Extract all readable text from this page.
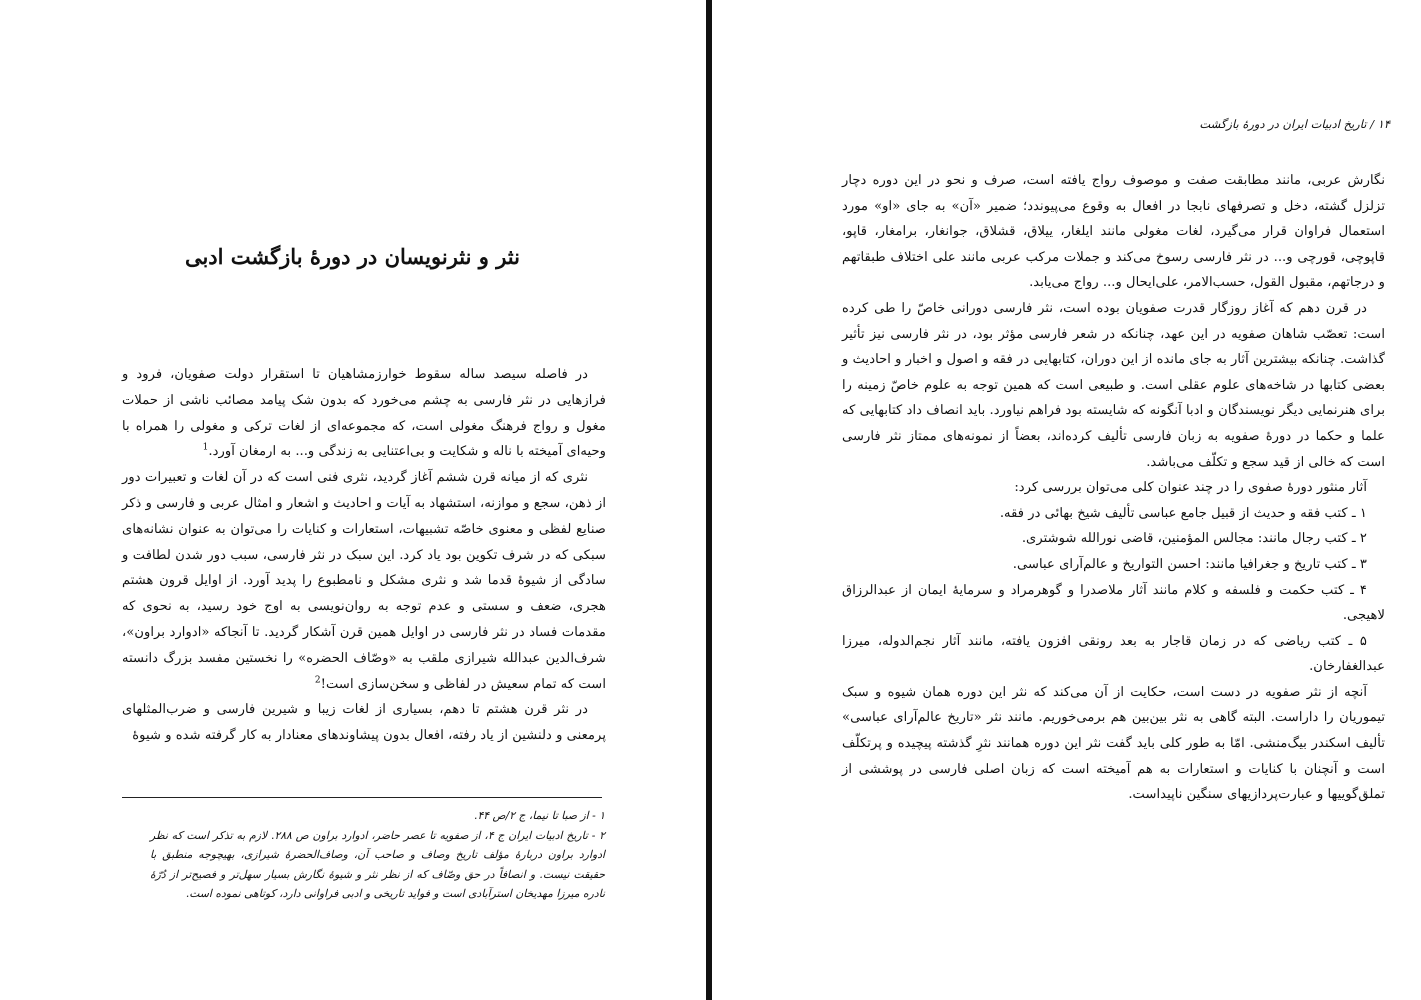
نثر و نثرنویسان در دورهٔ بازگشت ادبی

در فاصله سیصد ساله سقوط خوارزمشاهیان تا استقرار دولت صفویان، فرود و فرازهایی در نثر فارسی به چشم می‌خورد که بدون شک پیامد مصائب ناشی از حملات مغول و رواج فرهنگ مغولی است، که مجموعه‌ای از لغات ترکی و مغولی را همراه با وحیه‌ای آمیخته با ناله و شکایت و بی‌اعتنایی به زندگی و... به ارمغان آورد.$^1$

نثری که از میانه قرن ششم آغاز گردید، نثری فنی است که در آن لغات و تعبیرات دور از ذهن، سجع و موازنه، استشهاد به آیات و احادیث و اشعار و امثال عربی و فارسی و ذکر صنایع لفظی و معنوی خاصّه تشبیهات، استعارات و کنایات را می‌توان به عنوان نشانه‌های سبکی که در شرف تکوین بود یاد کرد. این سبک در نثر فارسی، سبب دور شدن لطافت و سادگی از شیوهٔ قدما شد و نثری مشکل و نامطبوع را پدید آورد. از اوایل قرون هشتم هجری، ضعف و سستی و عدم توجه به روان‌نویسی به اوج خود رسید، به نحوی که مقدمات فساد در نثر فارسی در اوایل همین قرن آشکار گردید. تا آنجاکه «ادوارد براون»، شرف‌الدین عبدالله شیرازی ملقب به «وصّاف الحضره» را نخستین مفسد بزرگ دانسته است که تمام سعیش در لفاظی و سخن‌سازی است!$^2$

در نثر قرن هشتم تا دهم، بسیاری از لغات زیبا و شیرین فارسی و ضرب‌المثلهای پرمعنی و دلنشین از یاد رفته، افعال بدون پیشاوندهای معنادار به کار گرفته شده و شیوهٔ

۱ - از صبا تا نیما، ج ۲/ص ۴۴.

۲ - تاریخ ادبیات ایران ج ۴، از صفویه تا عصر حاضر، ادوارد براون ص ۲۸۸. لازم به تذکر است که نظر ادوارد براون دربارهٔ مؤلف تاریخ وصاف و صاحب آن، وصاف‌الحضرهٔ شیرازی، بهیچوجه منطبق با حقیقت نیست. و انصافاً در حق وصّاف که از نظر نثر و شیوهٔ نگارش بسیار سهل‌تر و فصیح‌تر از دُرّهٔ نادره میرزا مهدیخان استرآبادی است و فواید تاریخی و ادبی فراوانی دارد، کوتاهی نموده است.

۱۴ / تاریخ ادبیات ایران در دورهٔ بازگشت

نگارش عربی، مانند مطابقت صفت و موصوف رواج یافته است، صرف و نحو در این دوره دچار تزلزل گشته، دخل و تصرفهای نابجا در افعال به وقوع می‌پیوندد؛ ضمیر «آن» به جای «او» مورد استعمال فراوان قرار می‌گیرد، لغات مغولی مانند ایلغار، ییلاق، قشلاق، جوانغار، برامغار، قاپو، قاپوچی، قورچی و... در نثر فارسی رسوخ می‌کند و جملات مرکب عربی مانند علی اختلاف طبقاتهم و درجاتهم، مقبول القول، حسب‌الامر، علی‌ایحال و... رواج می‌یابد.

در قرن دهم که آغاز روزگار قدرت صفویان بوده است، نثر فارسی دورانی خاصّ را طی کرده است: تعصّب شاهان صفویه در این عهد، چنانکه در شعر فارسی مؤثر بود، در نثر فارسی نیز تأثیر گذاشت. چنانکه بیشترین آثار به جای مانده از این دوران، کتابهایی در فقه و اصول و اخبار و احادیث و بعضی کتابها در شاخه‌های علوم عقلی است. و طبیعی است که همین توجه به علوم خاصّ زمینه را برای هنرنمایی دیگر نویسندگان و ادبا آنگونه که شایسته بود فراهم نیاورد. باید انصاف داد کتابهایی که علما و حکما در دورهٔ صفویه به زبان فارسی تألیف کرده‌اند، بعضاً از نمونه‌های ممتاز نثر فارسی است که خالی از قید سجع و تکلّف می‌باشد.

آثار منثور دورهٔ صفوی را در چند عنوان کلی می‌توان بررسی کرد:

۱ ـ کتب فقه و حدیث از قبیل جامع عباسی تألیف شیخ بهائی در فقه.

۲ ـ کتب رجال مانند: مجالس المؤمنین، قاضی نورالله شوشتری.

۳ ـ کتب تاریخ و جغرافیا مانند: احسن التواریخ و عالم‌آرای عباسی.

۴ ـ کتب حکمت و فلسفه و کلام مانند آثار ملاصدرا و گوهرمراد و سرمایهٔ ایمان از عبدالرزاق لاهیجی.

۵ ـ کتب ریاضی که در زمان قاجار به بعد رونقی افزون یافته، مانند آثار نجم‌الدوله، میرزا عبدالغفارخان.

آنچه از نثر صفویه در دست است، حکایت از آن می‌کند که نثر این دوره همان شیوه و سبک تیموریان را داراست. البته گاهی به نثر بین‌بین هم برمی‌خوریم. مانند نثر «تاریخ عالم‌آرای عباسی» تألیف اسکندر بیگ‌منشی. امّا به طور کلی باید گفت نثر این دوره همانند نثرِ گذشته پیچیده و پرتکلّف است و آنچنان با کنایات و استعارات به هم آمیخته است که زبان اصلی فارسی در پوششی از تملق‌گوییها و عبارت‌پردازیهای سنگین ناپیداست.
